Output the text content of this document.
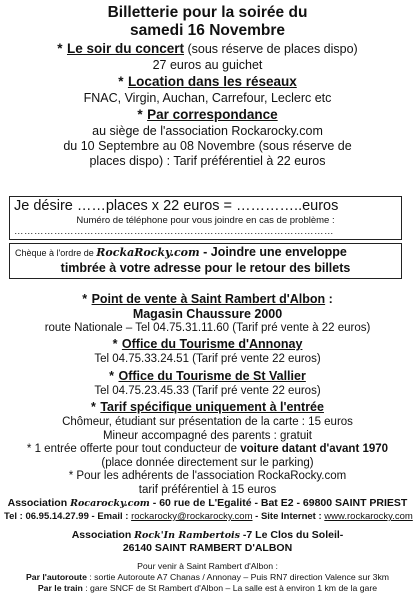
Billetterie pour la soirée du
samedi 16 Novembre
* Le soir du concert (sous réserve de places dispo)
27 euros au guichet
* Location dans les réseaux
FNAC, Virgin, Auchan, Carrefour, Leclerc etc
* Par correspondance
au siège de l'association Rockarocky.com
du 10 Septembre au 08 Novembre (sous réserve de
places dispo) : Tarif préférentiel à 22 euros
Je désire ……places x 22 euros = …………..euros
Numéro de téléphone pour vous joindre en cas de problème :
……………………………………………………………………………………
Chèque à l'ordre de RockaRocky.com - Joindre une enveloppe
timbrée à votre adresse pour le retour des billets
* Point de vente à Saint Rambert d'Albon :
Magasin Chaussure 2000
route Nationale – Tel 04.75.31.11.60 (Tarif pré vente à 22 euros)
* Office du Tourisme d'Annonay
Tel 04.75.33.24.51 (Tarif pré vente 22 euros)
* Office du Tourisme de St Vallier
Tel 04.75.23.45.33 (Tarif pré vente 22 euros)
* Tarif spécifique uniquement à l'entrée
Chômeur, étudiant sur présentation de la carte : 15 euros
Mineur accompagné des parents : gratuit
* 1 entrée offerte pour tout conducteur de voiture datant d'avant 1970
(place donnée directement sur le parking)
* Pour les adhérents de l'association RockaRocky.com
tarif préférentiel à 15 euros
Association Rocarocky.com - 60 rue de L'Egalité - Bat E2 - 69800 SAINT PRIEST
Tel : 06.95.14.27.99 - Email : rockarocky@rockarocky.com - Site Internet : www.rockarocky.com
Association Rock'In Rambertois -7 Le Clos du Soleil-
26140 SAINT RAMBERT D'ALBON
Pour venir à Saint Rambert d'Albon :
Par l'autoroute : sortie Autoroute A7 Chanas / Annonay – Puis RN7 direction Valence sur 3km
Par le train : gare SNCF de St Rambert d'Albon – La salle est à environ 1 km de la gare
